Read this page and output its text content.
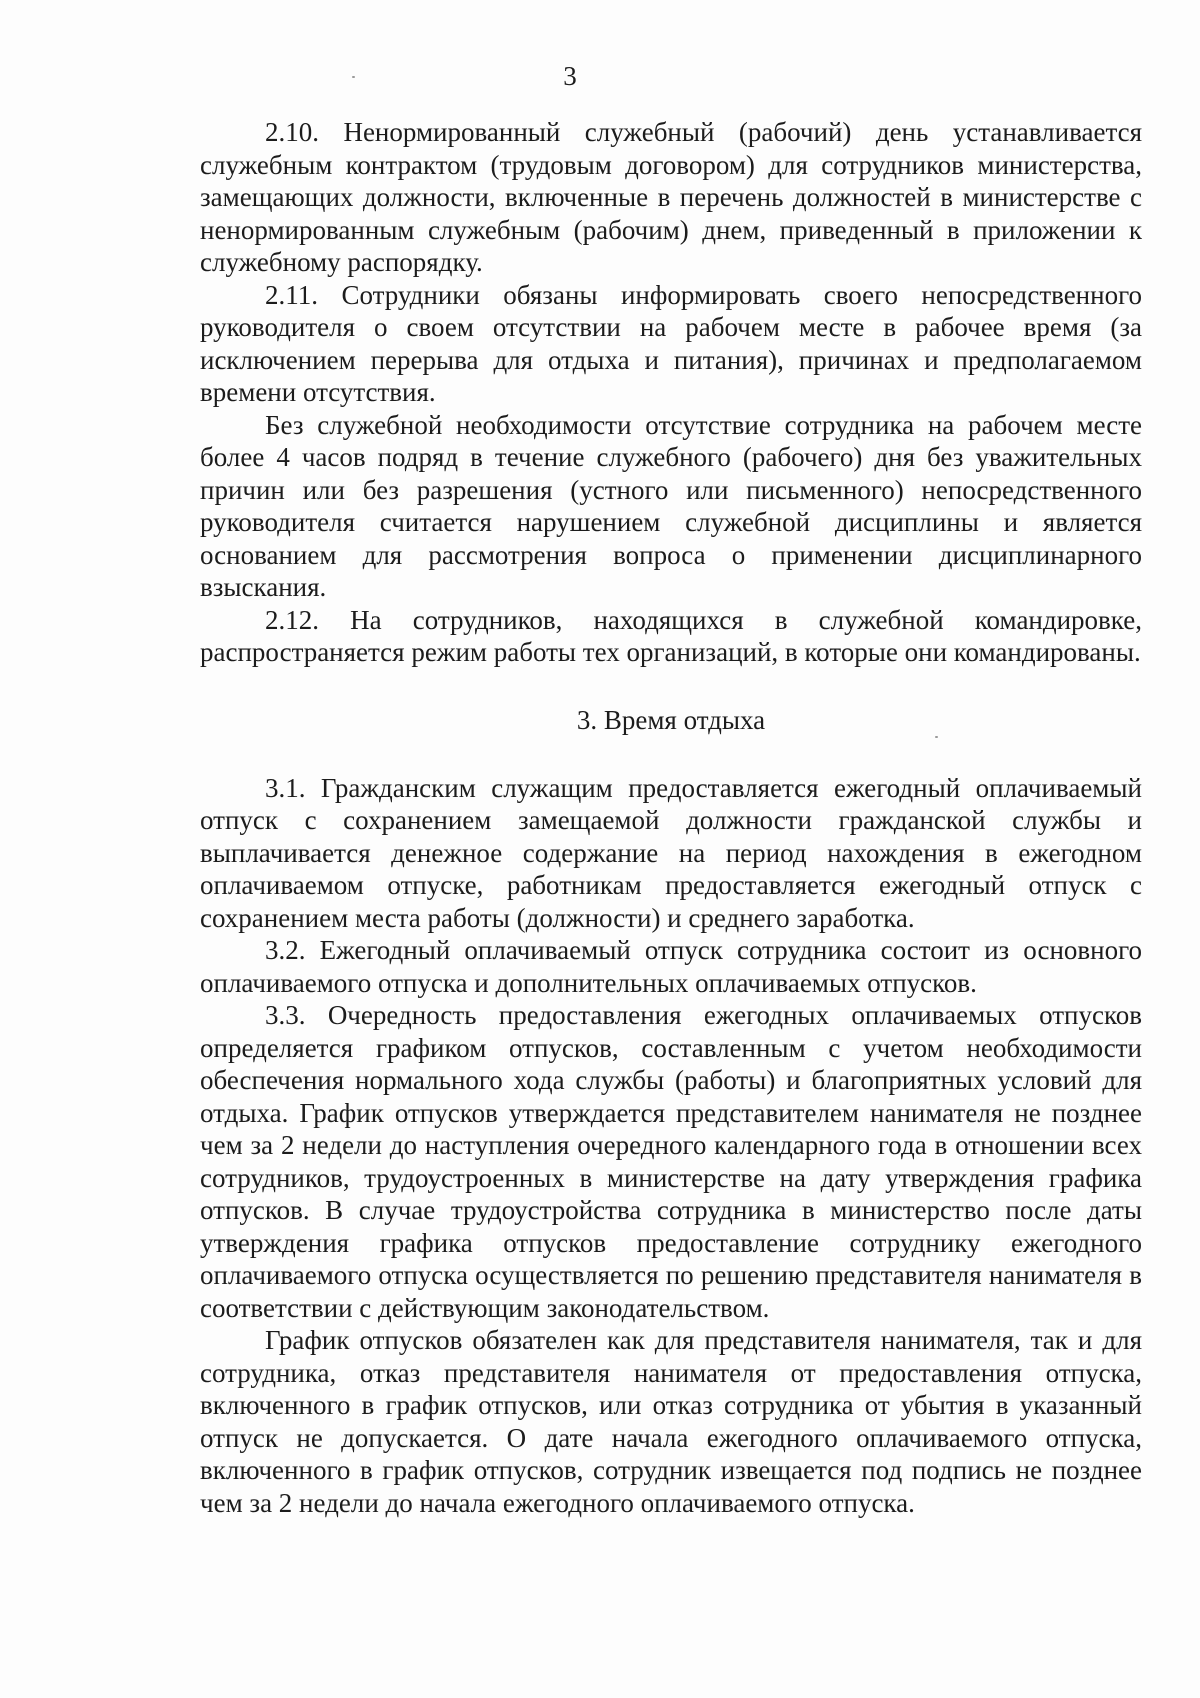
3

2.10. Ненормированный служебный (рабочий) день устанавливается служебным контрактом (трудовым договором) для сотрудников министерства, замещающих должности, включенные в перечень должностей в министерстве с ненормированным служебным (рабочим) днем, приведенный в приложении к служебному распорядку.

2.11. Сотрудники обязаны информировать своего непосредственного руководителя о своем отсутствии на рабочем месте в рабочее время (за исключением перерыва для отдыха и питания), причинах и предполагаемом времени отсутствия.

Без служебной необходимости отсутствие сотрудника на рабочем месте более 4 часов подряд в течение служебного (рабочего) дня без уважительных причин или без разрешения (устного или письменного) непосредственного руководителя считается нарушением служебной дисциплины и является основанием для рассмотрения вопроса о применении дисциплинарного взыскания.

2.12. На сотрудников, находящихся в служебной командировке, распространяется режим работы тех организаций, в которые они командированы.

3. Время отдыха

3.1. Гражданским служащим предоставляется ежегодный оплачиваемый отпуск с сохранением замещаемой должности гражданской службы и выплачивается денежное содержание на период нахождения в ежегодном оплачиваемом отпуске, работникам предоставляется ежегодный отпуск с сохранением места работы (должности) и среднего заработка.

3.2. Ежегодный оплачиваемый отпуск сотрудника состоит из основного оплачиваемого отпуска и дополнительных оплачиваемых отпусков.

3.3. Очередность предоставления ежегодных оплачиваемых отпусков определяется графиком отпусков, составленным с учетом необходимости обеспечения нормального хода службы (работы) и благоприятных условий для отдыха. График отпусков утверждается представителем нанимателя не позднее чем за 2 недели до наступления очередного календарного года в отношении всех сотрудников, трудоустроенных в министерстве на дату утверждения графика отпусков. В случае трудоустройства сотрудника в министерство после даты утверждения графика отпусков предоставление сотруднику ежегодного оплачиваемого отпуска осуществляется по решению представителя нанимателя в соответствии с действующим законодательством.

График отпусков обязателен как для представителя нанимателя, так и для сотрудника, отказ представителя нанимателя от предоставления отпуска, включенного в график отпусков, или отказ сотрудника от убытия в указанный отпуск не допускается. О дате начала ежегодного оплачиваемого отпуска, включенного в график отпусков, сотрудник извещается под подпись не позднее чем за 2 недели до начала ежегодного оплачиваемого отпуска.
